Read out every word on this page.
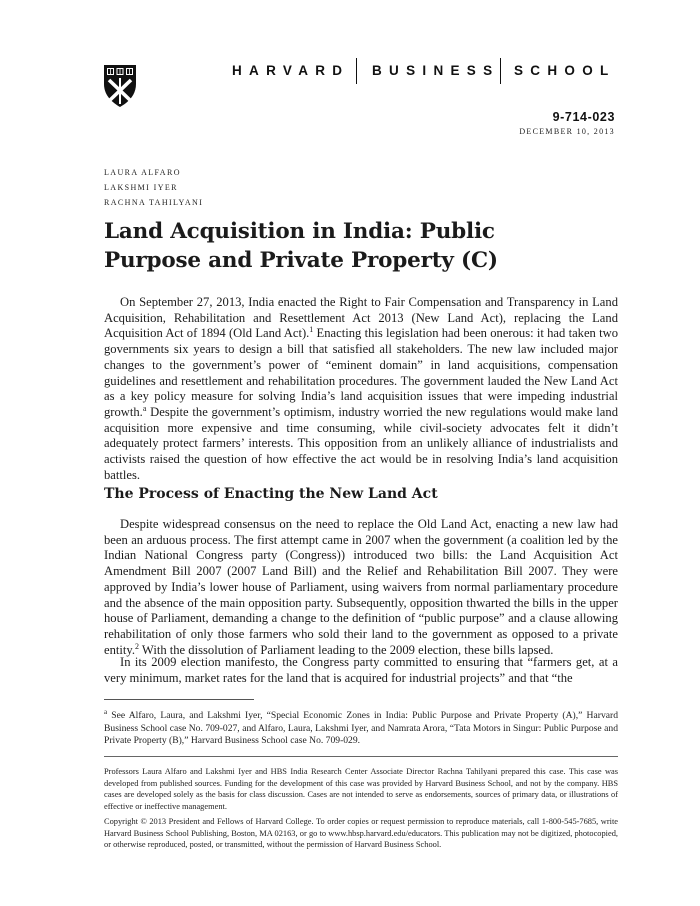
HARVARD BUSINESS SCHOOL
9-714-023
DECEMBER 10, 2013
LAURA ALFARO
LAKSHMI IYER
RACHNA TAHILYANI
Land Acquisition in India: Public Purpose and Private Property (C)

On September 27, 2013, India enacted the Right to Fair Compensation and Transparency in Land Acquisition, Rehabilitation and Resettlement Act 2013 (New Land Act), replacing the Land Acquisition Act of 1894 (Old Land Act).$^1$ Enacting this legislation had been onerous: it had taken two governments six years to design a bill that satisfied all stakeholders. The new law included major changes to the government’s power of “eminent domain” in land acquisitions, compensation guidelines and resettlement and rehabilitation procedures. The government lauded the New Land Act as a key policy measure for solving India’s land acquisition issues that were impeding industrial growth.$^a$ Despite the government’s optimism, industry worried the new regulations would make land acquisition more expensive and time consuming, while civil-society advocates felt it didn’t adequately protect farmers’ interests. This opposition from an unlikely alliance of industrialists and activists raised the question of how effective the act would be in resolving India’s land acquisition battles.

The Process of Enacting the New Land Act

Despite widespread consensus on the need to replace the Old Land Act, enacting a new law had been an arduous process. The first attempt came in 2007 when the government (a coalition led by the Indian National Congress party (Congress)) introduced two bills: the Land Acquisition Act Amendment Bill 2007 (2007 Land Bill) and the Relief and Rehabilitation Bill 2007. They were approved by India’s lower house of Parliament, using waivers from normal parliamentary procedure and the absence of the main opposition party. Subsequently, opposition thwarted the bills in the upper house of Parliament, demanding a change to the definition of “public purpose” and a clause allowing rehabilitation of only those farmers who sold their land to the government as opposed to a private entity.$^2$ With the dissolution of Parliament leading to the 2009 election, these bills lapsed.

In its 2009 election manifesto, the Congress party committed to ensuring that “farmers get, at a very minimum, market rates for the land that is acquired for industrial projects” and that “the

$^a$ See Alfaro, Laura, and Lakshmi Iyer, “Special Economic Zones in India: Public Purpose and Private Property (A),” Harvard Business School case No. 709-027, and Alfaro, Laura, Lakshmi Iyer, and Namrata Arora, “Tata Motors in Singur: Public Purpose and Private Property (B),” Harvard Business School case No. 709-029.

Professors Laura Alfaro and Lakshmi Iyer and HBS India Research Center Associate Director Rachna Tahilyani prepared this case. This case was developed from published sources. Funding for the development of this case was provided by Harvard Business School, and not by the company. HBS cases are developed solely as the basis for class discussion. Cases are not intended to serve as endorsements, sources of primary data, or illustrations of effective or ineffective management.

Copyright © 2013 President and Fellows of Harvard College. To order copies or request permission to reproduce materials, call 1-800-545-7685, write Harvard Business School Publishing, Boston, MA 02163, or go to www.hbsp.harvard.edu/educators. This publication may not be digitized, photocopied, or otherwise reproduced, posted, or transmitted, without the permission of Harvard Business School.
